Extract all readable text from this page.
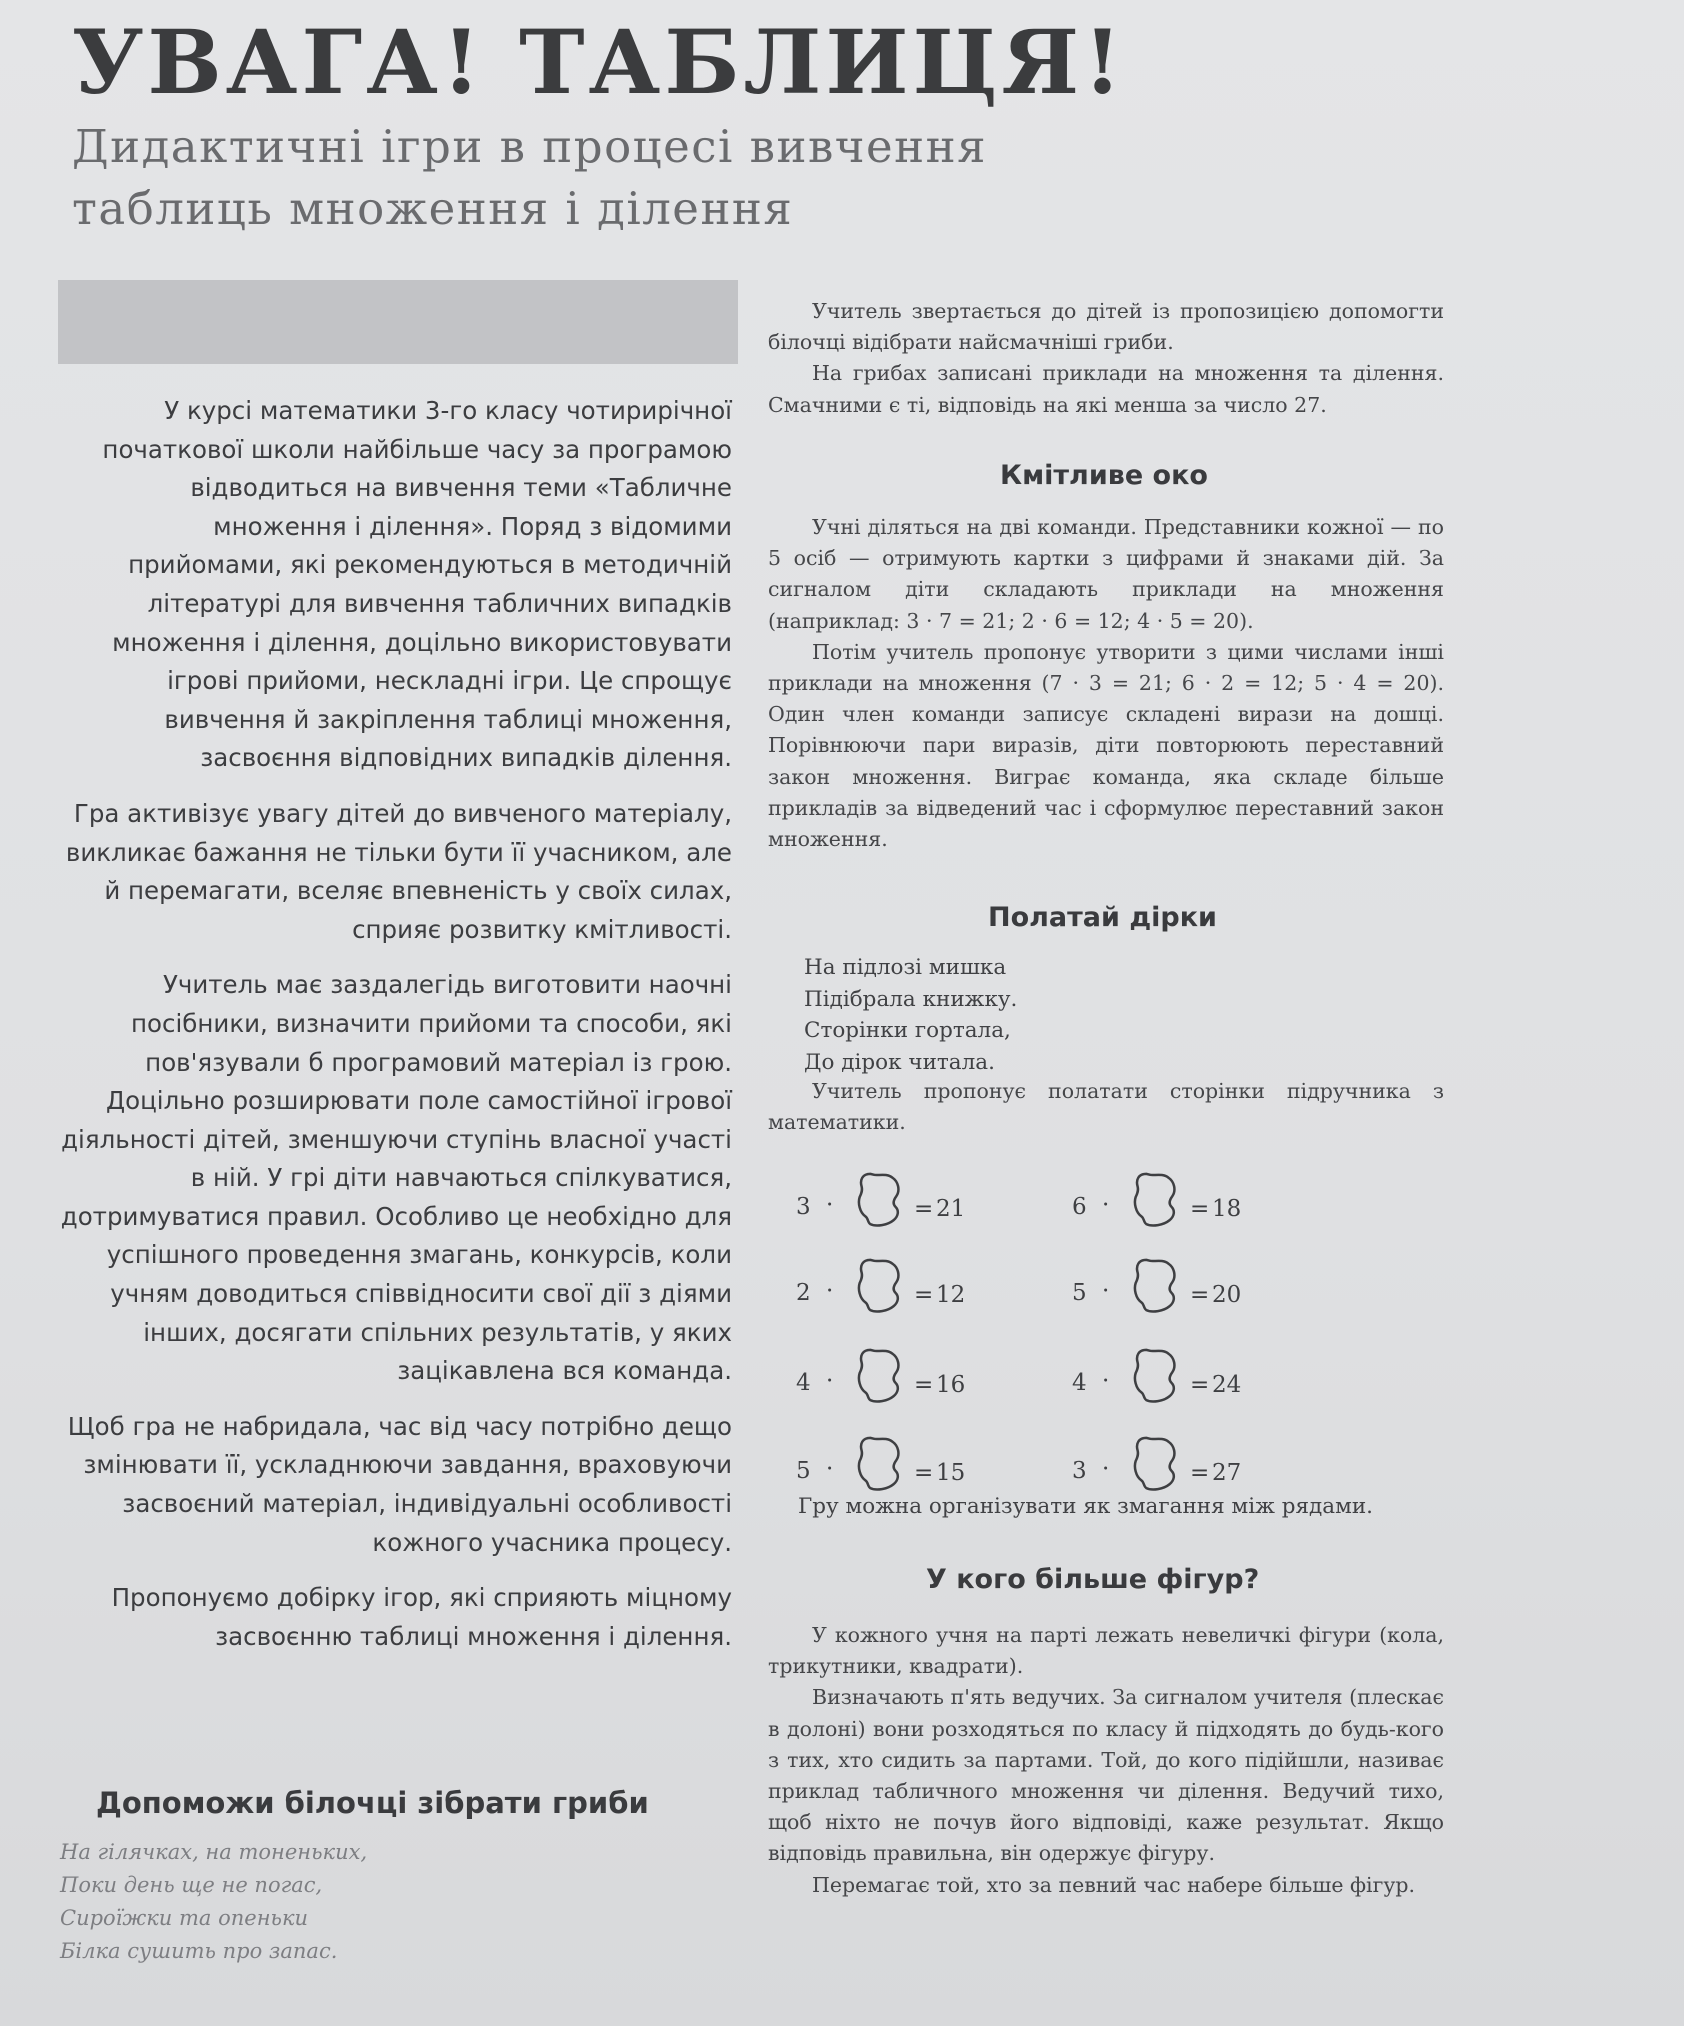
УВАГА! ТАБЛИЦЯ!
Дидактичні ігри в процесі вивчення
таблиць множення і ділення

У курсі математики 3-го класу чотирирічної початкової школи найбільше часу за програмою відводиться на вивчення теми «Табличне множення і ділення». Поряд з відомими прийомами, які рекомендуються в методичній літературі для вивчення табличних випадків множення і ділення, доцільно використовувати ігрові прийоми, нескладні ігри. Це спрощує вивчення й закріплення таблиці множення, засвоєння відповідних випадків ділення.

Гра активізує увагу дітей до вивченого матеріалу, викликає бажання не тільки бути її учасником, але й перемагати, вселяє впевненість у своїх силах, сприяє розвитку кмітливості.

Учитель має заздалегідь виготовити наочні посібники, визначити прийоми та способи, які пов'язували б програмовий матеріал із грою. Доцільно розширювати поле самостійної ігрової діяльності дітей, зменшуючи ступінь власної участі в ній. У грі діти навчаються спілкуватися, дотримуватися правил. Особливо це необхідно для успішного проведення змагань, конкурсів, коли учням доводиться співвідносити свої дії з діями інших, досягати спільних результатів, у яких зацікавлена вся команда.

Щоб гра не набридала, час від часу потрібно дещо змінювати її, ускладнюючи завдання, враховуючи засвоєний матеріал, індивідуальні особливості кожного учасника процесу.

Пропонуємо добірку ігор, які сприяють міцному засвоєнню таблиці множення і ділення.

Допоможи білочці зібрати гриби
На гілячках, на тоненьких,
Поки день ще не погас,
Сироїжки та опеньки
Білка сушить про запас.

Учитель звертається до дітей із пропозицією допомогти білочці відібрати найсмачніші гриби.

На грибах записані приклади на множення та ділення. Смачними є ті, відповідь на які менша за число 27.

Кмітливе око

Учні діляться на дві команди. Представники кожної — по 5 осіб — отримують картки з цифрами й знаками дій. За сигналом діти складають приклади на множення (наприклад: 3 · 7 = 21; 2 · 6 = 12; 4 · 5 = 20).

Потім учитель пропонує утворити з цими числами інші приклади на множення (7 · 3 = 21; 6 · 2 = 12; 5 · 4 = 20). Один член команди записує складені вирази на дошці. Порівнюючи пари виразів, діти повторюють переставний закон множення. Виграє команда, яка складе більше прикладів за відведений час і сформулює переставний закон множення.

Полатай дірки
На підлозі мишка
Підібрала книжку.
Сторінки гортала,
До дірок читала.

Учитель пропонує полатати сторінки підручника з математики.

3 ·	= 21	6 ·	= 18
2 ·	= 12	5 ·	= 20
4 ·	= 16	4 ·	= 24
5 ·	= 15	3 ·	= 27
Гру можна організувати як змагання між рядами.
У кого більше фігур?

У кожного учня на парті лежать невеличкі фігури (кола, трикутники, квадрати).

Визначають п'ять ведучих. За сигналом учителя (плескає в долоні) вони розходяться по класу й підходять до будь-кого з тих, хто сидить за партами. Той, до кого підійшли, називає приклад табличного множення чи ділення. Ведучий тихо, щоб ніхто не почув його відповіді, каже результат. Якщо відповідь правильна, він одержує фігуру.

Перемагає той, хто за певний час набере більше фігур.
